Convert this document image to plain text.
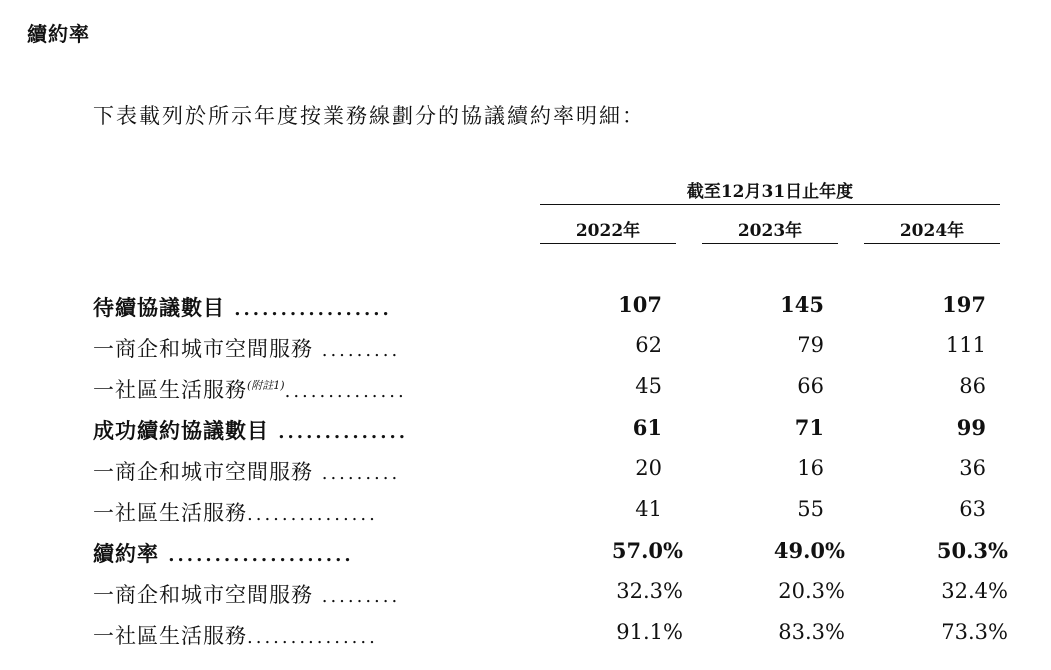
續約率
下表載列於所示年度按業務線劃分的協議續約率明細：
截至12月31日止年度
2022年	2023年	2024年
待續協議數目 .................	107	145	197
一商企和城市空間服務 .........	62	79	111
一社區生活服務$^{(附註1)}$..............	45	66	86
成功續約協議數目 ..............	61	71	99
一商企和城市空間服務 .........	20	16	36
一社區生活服務...............	41	55	63
續約率 ....................	57.0%	49.0%	50.3%
一商企和城市空間服務 .........	32.3%	20.3%	32.4%
一社區生活服務...............	91.1%	83.3%	73.3%
